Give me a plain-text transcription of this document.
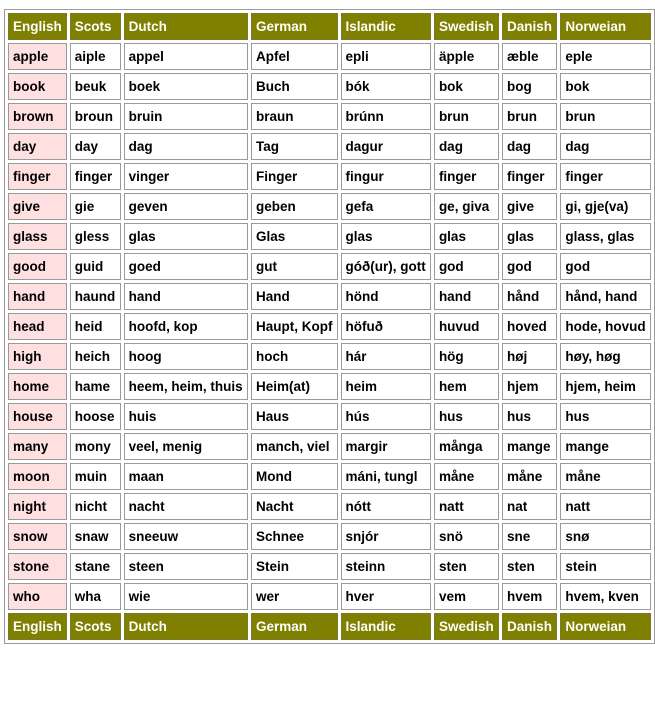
English	Scots	Dutch	German	Islandic	Swedish	Danish	Norweian
apple	aiple	appel	Apfel	epli	äpple	æble	eple
book	beuk	boek	Buch	bók	bok	bog	bok
brown	broun	bruin	braun	brúnn	brun	brun	brun
day	day	dag	Tag	dagur	dag	dag	dag
finger	finger	vinger	Finger	fingur	finger	finger	finger
give	gie	geven	geben	gefa	ge, giva	give	gi, gje(va)
glass	gless	glas	Glas	glas	glas	glas	glass, glas
good	guid	goed	gut	góð(ur), gott	god	god	god
hand	haund	hand	Hand	hönd	hand	hånd	hånd, hand
head	heid	hoofd, kop	Haupt, Kopf	höfuð	huvud	hoved	hode, hovud
high	heich	hoog	hoch	hár	hög	høj	høy, høg
home	hame	heem, heim, thuis	Heim(at)	heim	hem	hjem	hjem, heim
house	hoose	huis	Haus	hús	hus	hus	hus
many	mony	veel, menig	manch, viel	margir	många	mange	mange
moon	muin	maan	Mond	máni, tungl	måne	måne	måne
night	nicht	nacht	Nacht	nótt	natt	nat	natt
snow	snaw	sneeuw	Schnee	snjór	snö	sne	snø
stone	stane	steen	Stein	steinn	sten	sten	stein
who	wha	wie	wer	hver	vem	hvem	hvem, kven
English	Scots	Dutch	German	Islandic	Swedish	Danish	Norweian
